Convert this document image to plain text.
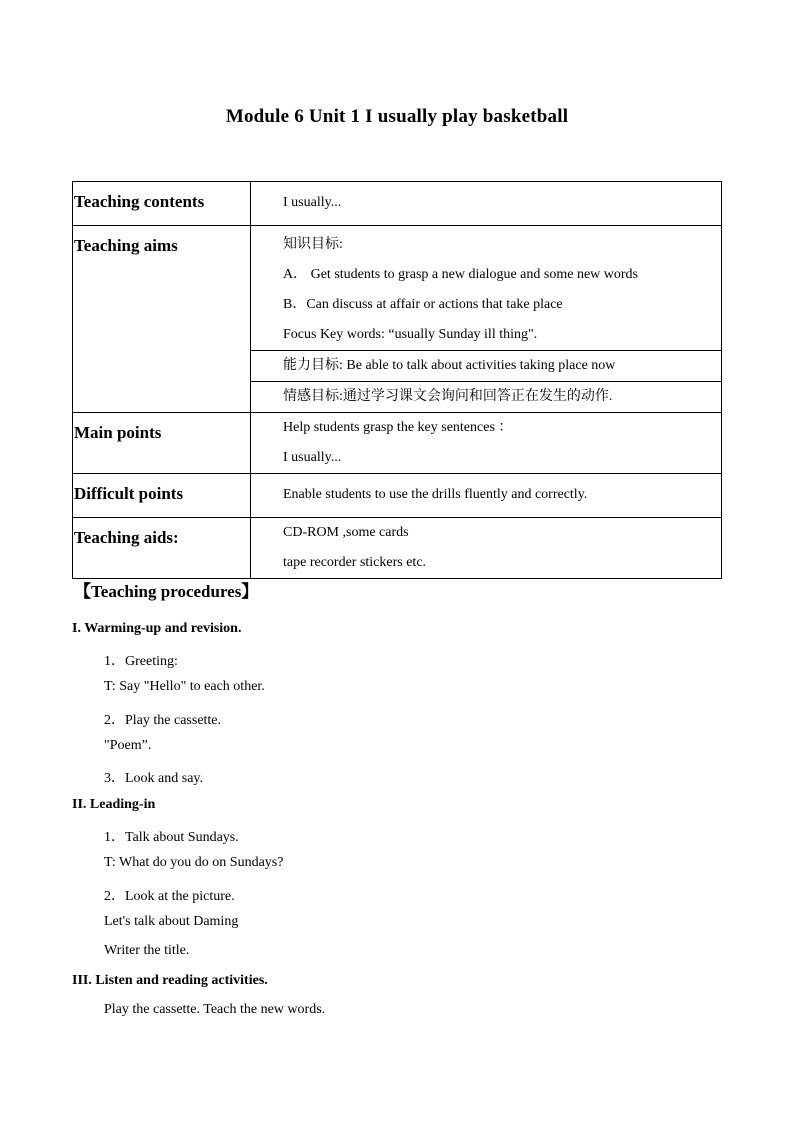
Module 6 Unit 1 I usually play basketball
Teaching contents	I usually...

Teaching aims	知识目标:
A． Get students to grasp a new dialogue and some new words
B．Can discuss at affair or actions that take place
Focus Key words: “usually Sunday ill thing".

	能力目标: Be able to talk about activities taking place now

	情感目标:通过学习课文会询问和回答正在发生的动作.

Main points	Help students grasp the key sentences ：
I usually...

Difficult points	Enable students to use the drills fluently and correctly.

Teaching aids:	CD-ROM ,some cards
tape recorder stickers etc.
【Teaching procedures】
I. Warming-up and revision.
1．Greeting:
T: Say "Hello" to each other.
2．Play the cassette.
"Poem”.
3．Look and say.
II. Leading-in
1．Talk about Sundays.
T: What do you do on Sundays?
2．Look at the picture.
Let's talk about Daming
Writer the title.
III. Listen and reading activities.
Play the cassette. Teach the new words.
